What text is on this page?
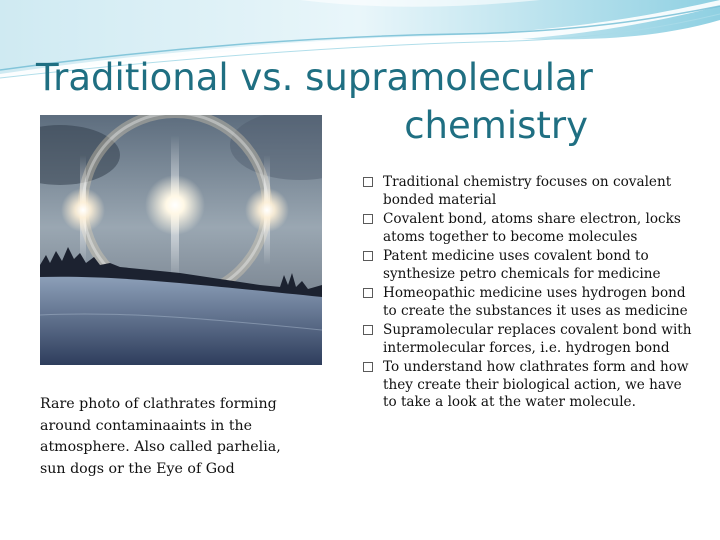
Traditional vs. supramolecular
chemistry
Rare photo of clathrates forming around contaminaaints in the atmosphere. Also called parhelia, sun dogs or the Eye of God
Traditional chemistry focuses on covalent bonded material
Covalent bond, atoms share electron, locks atoms together to become molecules
Patent medicine uses covalent bond to synthesize petro chemicals for medicine
Homeopathic medicine uses hydrogen bond to create the substances it uses as medicine
Supramolecular replaces covalent bond with intermolecular forces, i.e. hydrogen bond
To understand how clathrates form and how they create their biological action, we have to take a look at the water molecule.
